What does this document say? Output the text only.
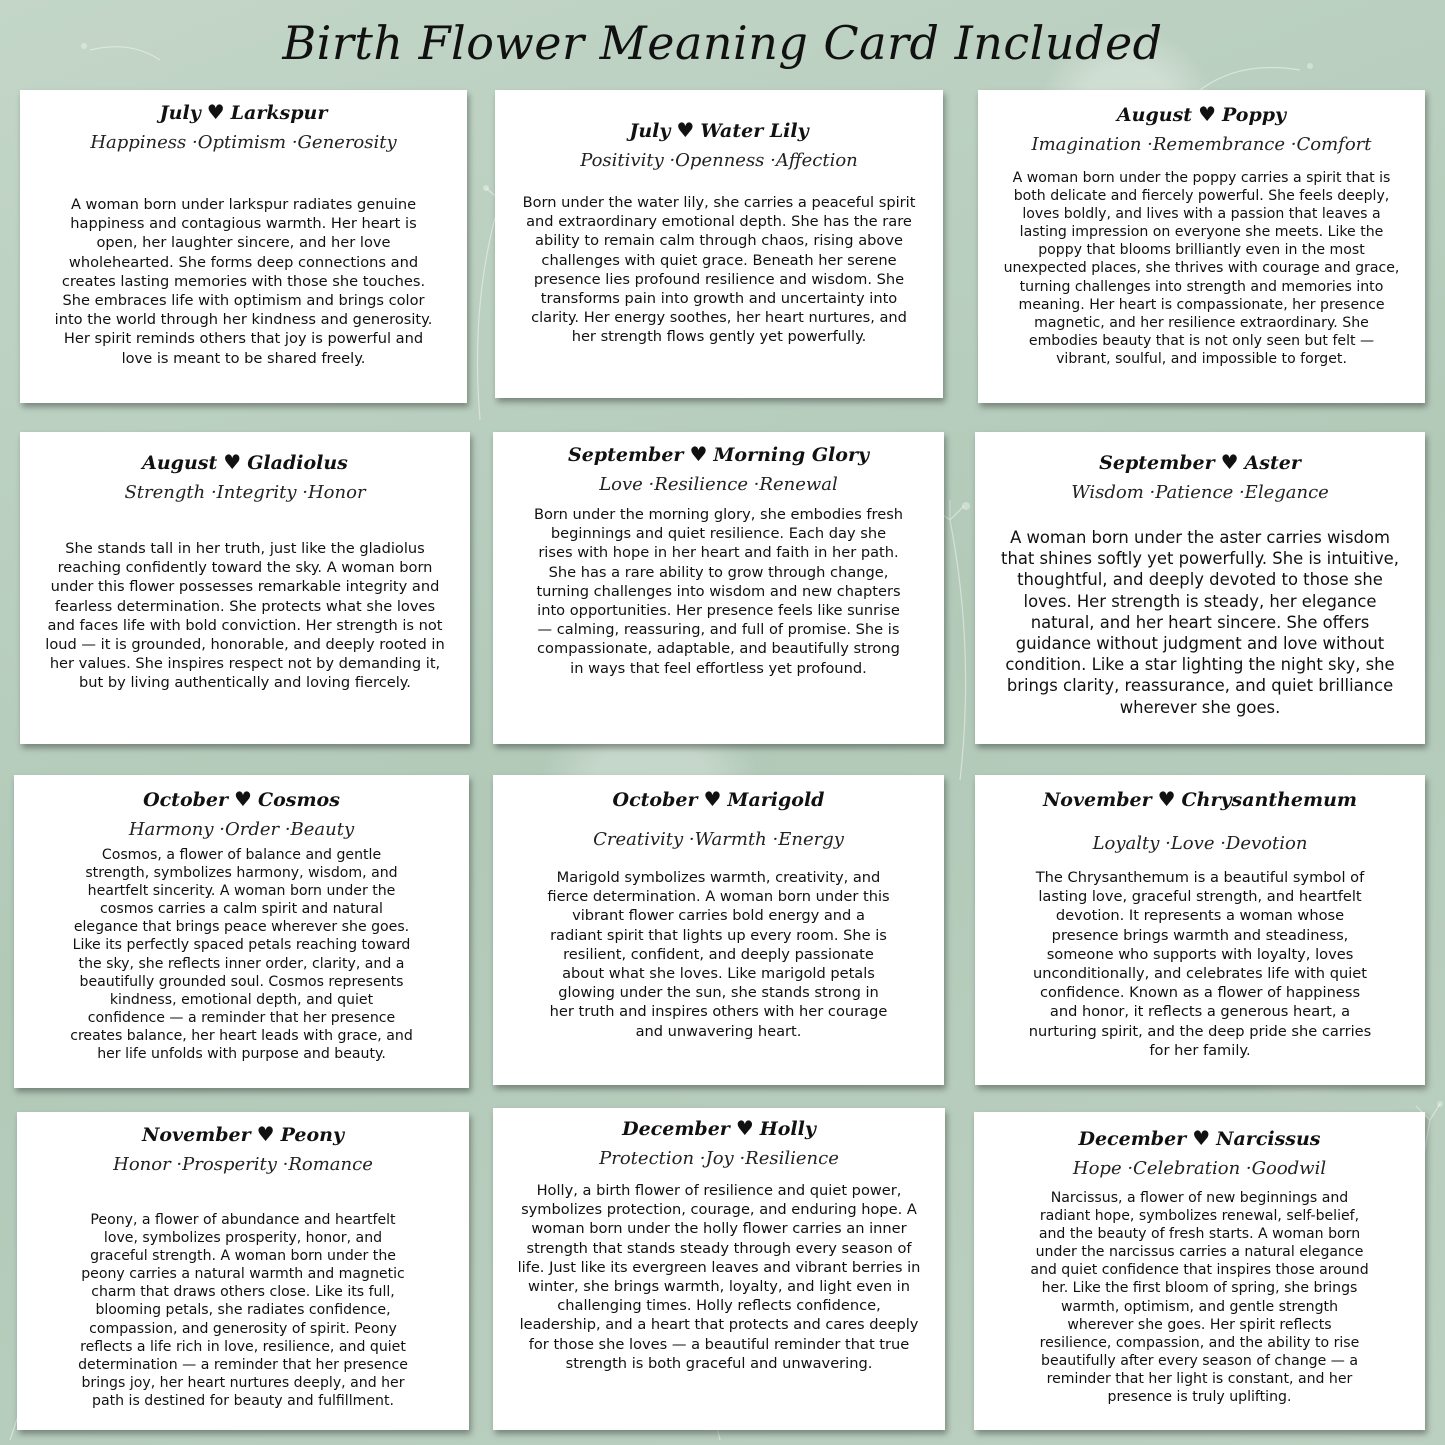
Birth Flower Meaning Card Included
July ♥ Larkspur
Happiness ·Optimism ·Generosity
A woman born under larkspur radiates genuine happiness and contagious warmth. Her heart is open, her laughter sincere, and her love wholehearted. She forms deep connections and creates lasting memories with those she touches. She embraces life with optimism and brings color into the world through her kindness and generosity. Her spirit reminds others that joy is powerful and love is meant to be shared freely.
July ♥ Water Lily
Positivity ·Openness ·Affection
Born under the water lily, she carries a peaceful spirit and extraordinary emotional depth. She has the rare ability to remain calm through chaos, rising above challenges with quiet grace. Beneath her serene presence lies profound resilience and wisdom. She transforms pain into growth and uncertainty into clarity. Her energy soothes, her heart nurtures, and her strength flows gently yet powerfully.
August ♥ Poppy
Imagination ·Remembrance ·Comfort
A woman born under the poppy carries a spirit that is both delicate and fiercely powerful. She feels deeply, loves boldly, and lives with a passion that leaves a lasting impression on everyone she meets. Like the poppy that blooms brilliantly even in the most unexpected places, she thrives with courage and grace, turning challenges into strength and memories into meaning. Her heart is compassionate, her presence magnetic, and her resilience extraordinary. She embodies beauty that is not only seen but felt — vibrant, soulful, and impossible to forget.
August ♥ Gladiolus
Strength ·Integrity ·Honor
She stands tall in her truth, just like the gladiolus reaching confidently toward the sky. A woman born under this flower possesses remarkable integrity and fearless determination. She protects what she loves and faces life with bold conviction. Her strength is not loud — it is grounded, honorable, and deeply rooted in her values. She inspires respect not by demanding it, but by living authentically and loving fiercely.
September ♥ Morning Glory
Love ·Resilience ·Renewal
Born under the morning glory, she embodies fresh beginnings and quiet resilience. Each day she rises with hope in her heart and faith in her path. She has a rare ability to grow through change, turning challenges into wisdom and new chapters into opportunities. Her presence feels like sunrise — calming, reassuring, and full of promise. She is compassionate, adaptable, and beautifully strong in ways that feel effortless yet profound.
September ♥ Aster
Wisdom ·Patience ·Elegance
A woman born under the aster carries wisdom that shines softly yet powerfully. She is intuitive, thoughtful, and deeply devoted to those she loves. Her strength is steady, her elegance natural, and her heart sincere. She offers guidance without judgment and love without condition. Like a star lighting the night sky, she brings clarity, reassurance, and quiet brilliance wherever she goes.
October ♥ Cosmos
Harmony ·Order ·Beauty
Cosmos, a flower of balance and gentle strength, symbolizes harmony, wisdom, and heartfelt sincerity. A woman born under the cosmos carries a calm spirit and natural elegance that brings peace wherever she goes. Like its perfectly spaced petals reaching toward the sky, she reflects inner order, clarity, and a beautifully grounded soul. Cosmos represents kindness, emotional depth, and quiet confidence — a reminder that her presence creates balance, her heart leads with grace, and her life unfolds with purpose and beauty.
October ♥ Marigold
Creativity ·Warmth ·Energy
Marigold symbolizes warmth, creativity, and fierce determination. A woman born under this vibrant flower carries bold energy and a radiant spirit that lights up every room. She is resilient, confident, and deeply passionate about what she loves. Like marigold petals glowing under the sun, she stands strong in her truth and inspires others with her courage and unwavering heart.
November ♥ Chrysanthemum
Loyalty ·Love ·Devotion
The Chrysanthemum is a beautiful symbol of lasting love, graceful strength, and heartfelt devotion. It represents a woman whose presence brings warmth and steadiness, someone who supports with loyalty, loves unconditionally, and celebrates life with quiet confidence. Known as a flower of happiness and honor, it reflects a generous heart, a nurturing spirit, and the deep pride she carries for her family.
November ♥ Peony
Honor ·Prosperity ·Romance
Peony, a flower of abundance and heartfelt love, symbolizes prosperity, honor, and graceful strength. A woman born under the peony carries a natural warmth and magnetic charm that draws others close. Like its full, blooming petals, she radiates confidence, compassion, and generosity of spirit. Peony reflects a life rich in love, resilience, and quiet determination — a reminder that her presence brings joy, her heart nurtures deeply, and her path is destined for beauty and fulfillment.
December ♥ Holly
Protection ·Joy ·Resilience
Holly, a birth flower of resilience and quiet power, symbolizes protection, courage, and enduring hope. A woman born under the holly flower carries an inner strength that stands steady through every season of life. Just like its evergreen leaves and vibrant berries in winter, she brings warmth, loyalty, and light even in challenging times. Holly reflects confidence, leadership, and a heart that protects and cares deeply for those she loves — a beautiful reminder that true strength is both graceful and unwavering.
December ♥ Narcissus
Hope ·Celebration ·Goodwil
Narcissus, a flower of new beginnings and radiant hope, symbolizes renewal, self-belief, and the beauty of fresh starts. A woman born under the narcissus carries a natural elegance and quiet confidence that inspires those around her. Like the first bloom of spring, she brings warmth, optimism, and gentle strength wherever she goes. Her spirit reflects resilience, compassion, and the ability to rise beautifully after every season of change — a reminder that her light is constant, and her presence is truly uplifting.
